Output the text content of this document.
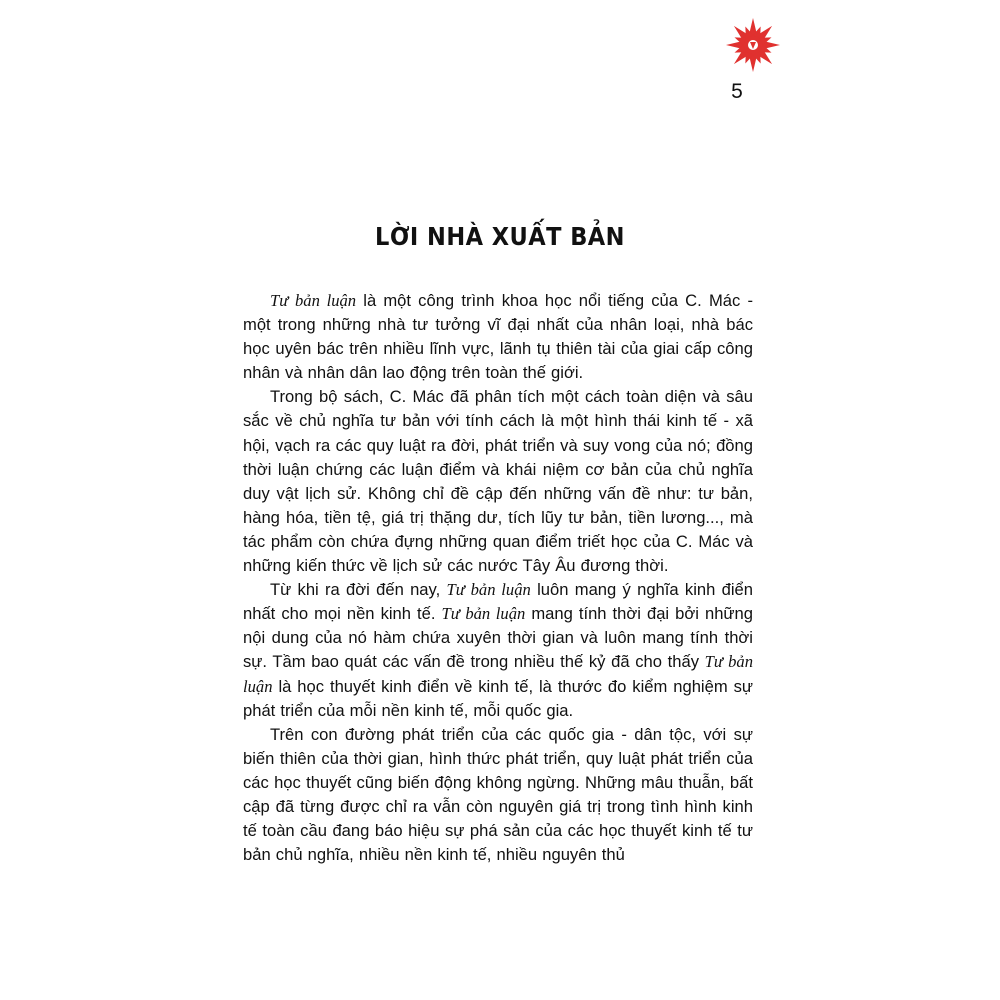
5
LỜI NHÀ XUẤT BẢN

Tư bản luận là một công trình khoa học nổi tiếng của C. Mác - một trong những nhà tư tưởng vĩ đại nhất của nhân loại, nhà bác học uyên bác trên nhiều lĩnh vực, lãnh tụ thiên tài của giai cấp công nhân và nhân dân lao động trên toàn thế giới.

Trong bộ sách, C. Mác đã phân tích một cách toàn diện và sâu sắc về chủ nghĩa tư bản với tính cách là một hình thái kinh tế - xã hội, vạch ra các quy luật ra đời, phát triển và suy vong của nó; đồng thời luận chứng các luận điểm và khái niệm cơ bản của chủ nghĩa duy vật lịch sử. Không chỉ đề cập đến những vấn đề như: tư bản, hàng hóa, tiền tệ, giá trị thặng dư, tích lũy tư bản, tiền lương..., mà tác phẩm còn chứa đựng những quan điểm triết học của C. Mác và những kiến thức về lịch sử các nước Tây Âu đương thời.

Từ khi ra đời đến nay, Tư bản luận luôn mang ý nghĩa kinh điển nhất cho mọi nền kinh tế. Tư bản luận mang tính thời đại bởi những nội dung của nó hàm chứa xuyên thời gian và luôn mang tính thời sự. Tầm bao quát các vấn đề trong nhiều thế kỷ đã cho thấy Tư bản luận là học thuyết kinh điển về kinh tế, là thước đo kiểm nghiệm sự phát triển của mỗi nền kinh tế, mỗi quốc gia.

Trên con đường phát triển của các quốc gia - dân tộc, với sự biến thiên của thời gian, hình thức phát triển, quy luật phát triển của các học thuyết cũng biến động không ngừng. Những mâu thuẫn, bất cập đã từng được chỉ ra vẫn còn nguyên giá trị trong tình hình kinh tế toàn cầu đang báo hiệu sự phá sản của các học thuyết kinh tế tư bản chủ nghĩa, nhiều nền kinh tế, nhiều nguyên thủ
